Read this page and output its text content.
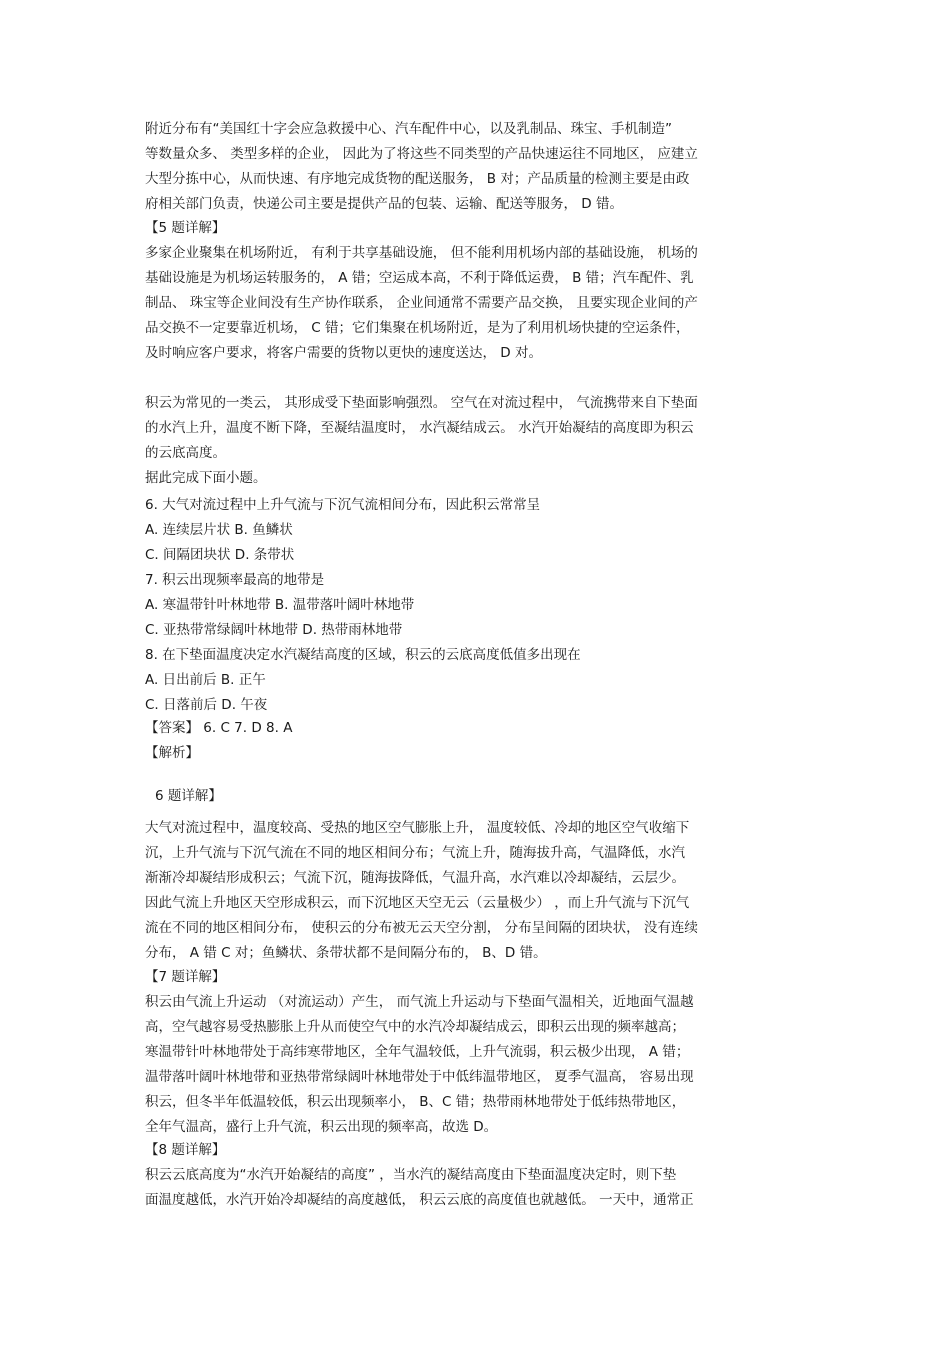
附近分布有“美国红十字会应急救援中心、汽车配件中心，以及乳制品、珠宝、手机制造”

等数量众多、 类型多样的企业， 因此为了将这些不同类型的产品快速运往不同地区， 应建立

大型分拣中心，从而快速、有序地完成货物的配送服务， B 对；产品质量的检测主要是由政

府相关部门负责，快递公司主要是提供产品的包装、运输、配送等服务， D 错。

【5 题详解】

多家企业聚集在机场附近， 有利于共享基础设施， 但不能利用机场内部的基础设施， 机场的

基础设施是为机场运转服务的， A 错；空运成本高，不利于降低运费， B 错；汽车配件、乳

制品、 珠宝等企业间没有生产协作联系， 企业间通常不需要产品交换， 且要实现企业间的产

品交换不一定要靠近机场， C 错；它们集聚在机场附近，是为了利用机场快捷的空运条件，

及时响应客户要求，将客户需要的货物以更快的速度送达， D 对。

积云为常见的一类云， 其形成受下垫面影响强烈。 空气在对流过程中， 气流携带来自下垫面

的水汽上升，温度不断下降，至凝结温度时， 水汽凝结成云。 水汽开始凝结的高度即为积云

的云底高度。

据此完成下面小题。

6. 大气对流过程中上升气流与下沉气流相间分布，因此积云常常呈

A. 连续层片状 B. 鱼鳞状

C. 间隔团块状 D. 条带状

7. 积云出现频率最高的地带是

A. 寒温带针叶林地带 B. 温带落叶阔叶林地带

C. 亚热带常绿阔叶林地带 D. 热带雨林地带

8. 在下垫面温度决定水汽凝结高度的区域，积云的云底高度低值多出现在

A. 日出前后 B. 正午

C. 日落前后 D. 午夜

【答案】 6. C 7. D 8. A

【解析】

6 题详解】

大气对流过程中，温度较高、受热的地区空气膨胀上升， 温度较低、冷却的地区空气收缩下

沉，上升气流与下沉气流在不同的地区相间分布；气流上升，随海拔升高，气温降低，水汽

渐渐冷却凝结形成积云；气流下沉，随海拔降低，气温升高，水汽难以冷却凝结，云层少。

因此气流上升地区天空形成积云，而下沉地区天空无云（云量极少） ，而上升气流与下沉气

流在不同的地区相间分布， 使积云的分布被无云天空分割， 分布呈间隔的团块状， 没有连续

分布， A 错 C 对；鱼鳞状、条带状都不是间隔分布的， B、D 错。

【7 题详解】

积云由气流上升运动 （对流运动）产生， 而气流上升运动与下垫面气温相关，近地面气温越

高，空气越容易受热膨胀上升从而使空气中的水汽冷却凝结成云，即积云出现的频率越高；

寒温带针叶林地带处于高纬寒带地区，全年气温较低，上升气流弱，积云极少出现， A 错；

温带落叶阔叶林地带和亚热带常绿阔叶林地带处于中低纬温带地区， 夏季气温高， 容易出现

积云，但冬半年低温较低，积云出现频率小， B、C 错；热带雨林地带处于低纬热带地区，

全年气温高，盛行上升气流，积云出现的频率高，故选 D。

【8 题详解】

积云云底高度为“水汽开始凝结的高度” ，当水汽的凝结高度由下垫面温度决定时，则下垫

面温度越低，水汽开始冷却凝结的高度越低， 积云云底的高度值也就越低。 一天中，通常正
